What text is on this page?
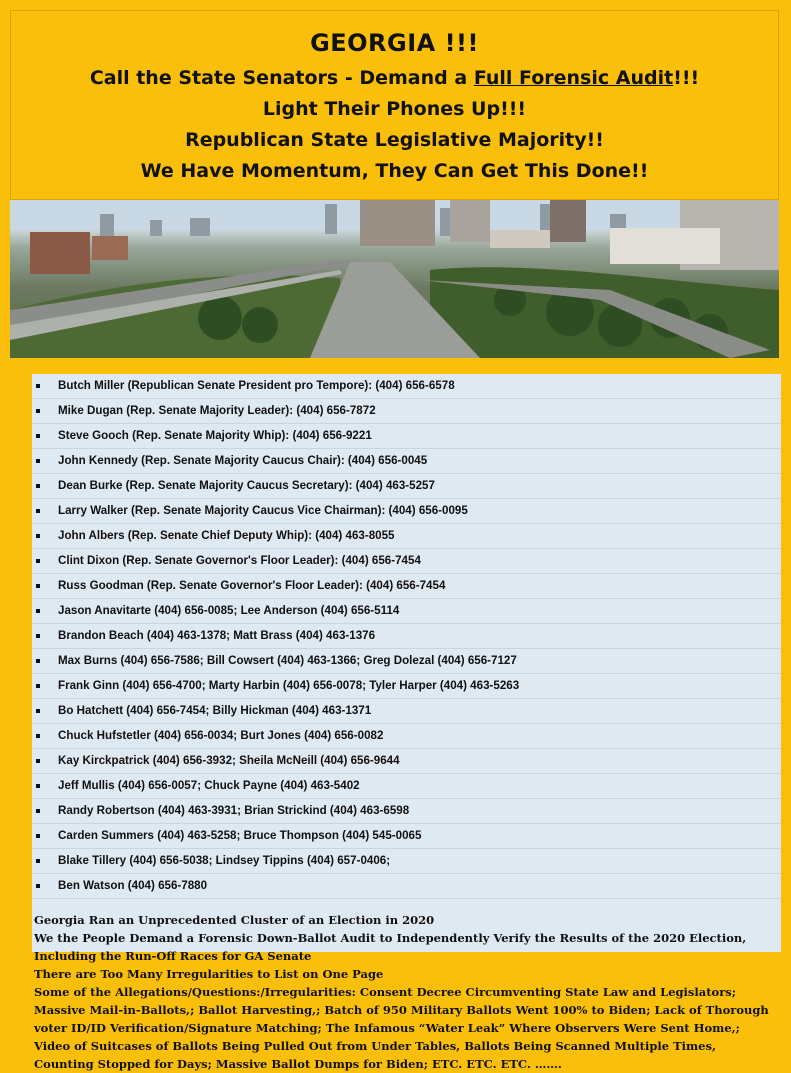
GEORGIA !!!
Call the State Senators - Demand a Full Forensic Audit!!!
Light Their Phones Up!!!
Republican State Legislative Majority!!
We Have Momentum, They Can Get This Done!!
Butch Miller (Republican Senate President pro Tempore): (404) 656-6578
Mike Dugan (Rep. Senate Majority Leader): (404) 656-7872
Steve Gooch (Rep. Senate Majority Whip): (404) 656-9221
John Kennedy (Rep. Senate Majority Caucus Chair): (404) 656-0045
Dean Burke (Rep. Senate Majority Caucus Secretary): (404) 463-5257
Larry Walker (Rep. Senate Majority Caucus Vice Chairman): (404) 656-0095
John Albers (Rep. Senate Chief Deputy Whip): (404) 463-8055
Clint Dixon (Rep. Senate Governor's Floor Leader): (404) 656-7454
Russ Goodman (Rep. Senate Governor's Floor Leader): (404) 656-7454
Jason Anavitarte (404) 656-0085; Lee Anderson (404) 656-5114
Brandon Beach (404) 463-1378; Matt Brass (404) 463-1376
Max Burns (404) 656-7586; Bill Cowsert (404) 463-1366; Greg Dolezal (404) 656-7127
Frank Ginn (404) 656-4700; Marty Harbin (404) 656-0078; Tyler Harper (404) 463-5263
Bo Hatchett (404) 656-7454; Billy Hickman (404) 463-1371
Chuck Hufstetler (404) 656-0034; Burt Jones (404) 656-0082
Kay Kirckpatrick (404) 656-3932; Sheila McNeill (404) 656-9644
Jeff Mullis (404) 656-0057; Chuck Payne (404) 463-5402
Randy Robertson (404) 463-3931; Brian Strickind (404) 463-6598
Carden Summers (404) 463-5258; Bruce Thompson (404) 545-0065
Blake Tillery (404) 656-5038; Lindsey Tippins (404) 657-0406;
Ben Watson (404) 656-7880
Georgia Ran an Unprecedented Cluster of an Election in 2020
We the People Demand a Forensic Down-Ballot Audit to Independently Verify the Results of the 2020 Election, Including the Run-Off Races for GA Senate
There are Too Many Irregularities to List on One Page
Some of the Allegations/Questions:/Irregularities: Consent Decree Circumventing State Law and Legislators; Massive Mail-in-Ballots,; Ballot Harvesting,; Batch of 950 Military Ballots Went 100% to Biden; Lack of Thorough voter ID/ID Verification/Signature Matching; The Infamous “Water Leak” Where Observers Were Sent Home,; Video of Suitcases of Ballots Being Pulled Out from Under Tables, Ballots Being Scanned Multiple Times, Counting Stopped for Days; Massive Ballot Dumps for Biden; ETC. ETC. ETC. …….
